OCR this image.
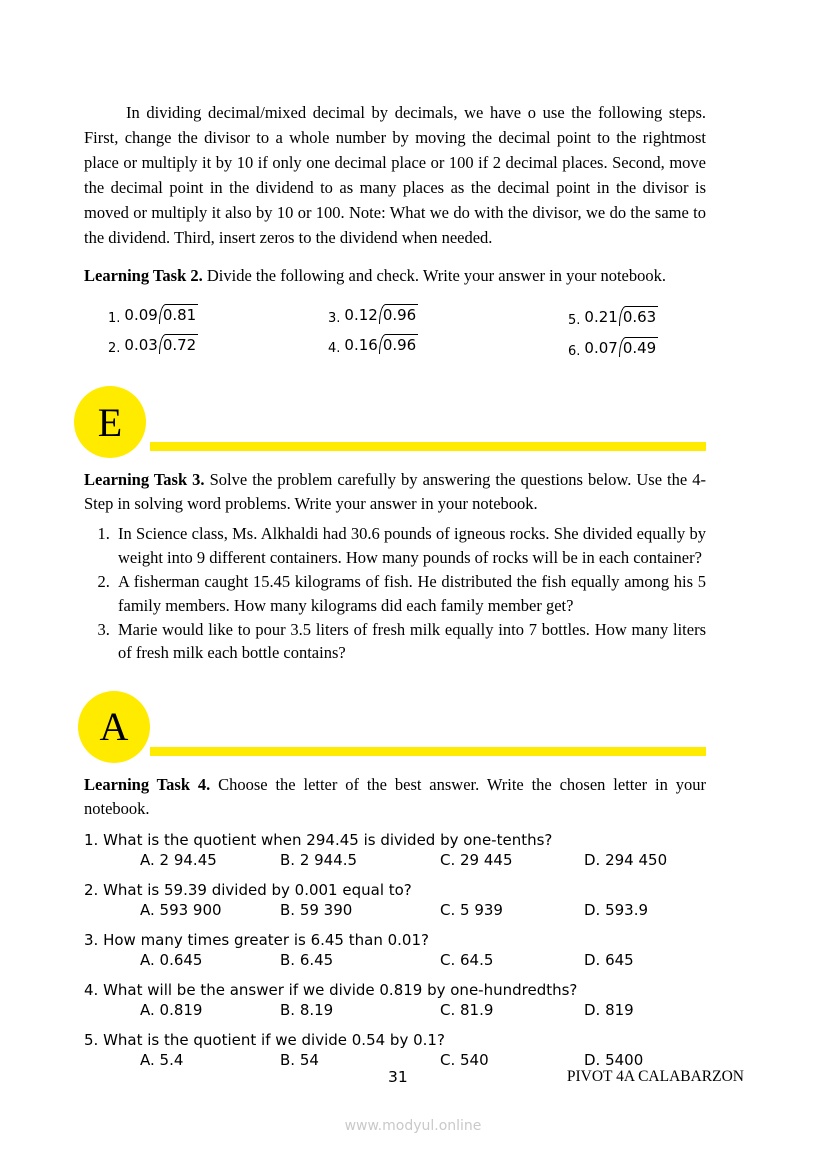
In dividing decimal/mixed decimal by decimals, we have o use the following steps. First, change the divisor to a whole number by moving the decimal point to the rightmost place or multiply it by 10 if only one decimal place or 100 if 2 decimal places. Second, move the decimal point in the dividend to as many places as the decimal point in the divisor is moved or multiply it also by 10 or 100. Note: What we do with the divisor, we do the same to the dividend. Third, insert zeros to the dividend when needed.

Learning Task 2. Divide the following and check. Write your answer in your notebook.

1. 0.09 0.81
2. 0.03 0.72
3. 0.12 0.96
4. 0.16 0.96
5. 0.21 0.63
6. 0.07 0.49
E

Learning Task 3. Solve the problem carefully by answering the questions below. Use the 4-Step in solving word problems. Write your answer in your notebook.

1. In Science class, Ms. Alkhaldi had 30.6 pounds of igneous rocks. She divided equally by weight into 9 different containers. How many pounds of rocks will be in each container?
2. A fisherman caught 15.45 kilograms of fish. He distributed the fish equally among his 5 family members. How many kilograms did each family member get?
3. Marie would like to pour 3.5 liters of fresh milk equally into 7 bottles. How many liters of fresh milk each bottle contains?
A

Learning Task 4. Choose the letter of the best answer. Write the chosen letter in your notebook.

1. What is the quotient when 294.45 is divided by one-tenths?

A. 2 94.45	B. 2 944.5	C. 29 445	D. 294 450

2. What is 59.39 divided by 0.001 equal to?

A. 593 900	B. 59 390	C. 5 939	D. 593.9

3. How many times greater is 6.45 than 0.01?

A. 0.645	B. 6.45	C. 64.5	D. 645

4. What will be the answer if we divide 0.819 by one-hundredths?

A. 0.819	B. 8.19	C. 81.9	D. 819

5. What is the quotient if we divide 0.54 by 0.1?

A. 5.4	B. 54	C. 540	D. 5400
31	PIVOT 4A CALABARZON
www.modyul.online
